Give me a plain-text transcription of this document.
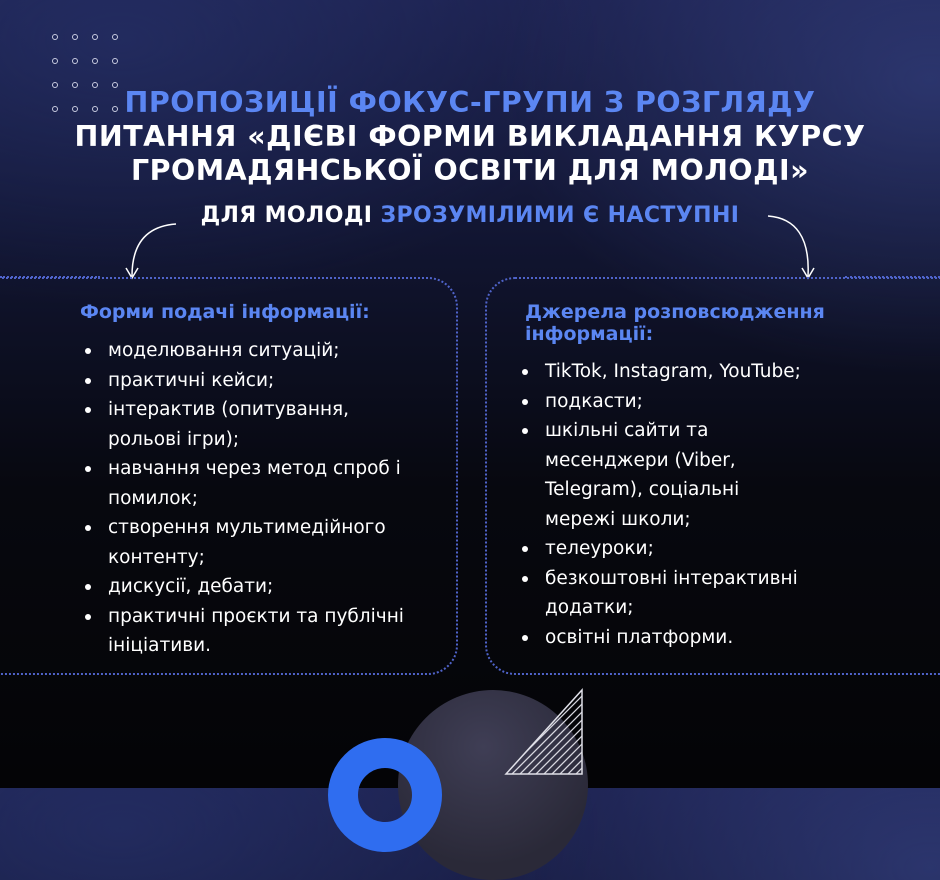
ПРОПОЗИЦІЇ ФОКУС-ГРУПИ З РОЗГЛЯДУ
ПИТАННЯ «ДІЄВІ ФОРМИ ВИКЛАДАННЯ КУРСУ
ГРОМАДЯНСЬКОЇ ОСВІТИ ДЛЯ МОЛОДІ»
ДЛЯ МОЛОДІ ЗРОЗУМІЛИМИ Є НАСТУПНІ
Форми подачі інформації:
моделювання ситуацій;
практичні кейси;
інтерактив (опитування,
рольові ігри);
навчання через метод спроб і
помилок;
створення мультимедійного
контенту;
дискусії, дебати;
практичні проєкти та публічні
ініціативи.
Джерела розповсюдження
інформації:
TikTok, Instagram, YouTube;
подкасти;
шкільні сайти та
месенджери (Viber,
Telegram), соціальні
мережі школи;
телеуроки;
безкоштовні інтерактивні
додатки;
освітні платформи.
